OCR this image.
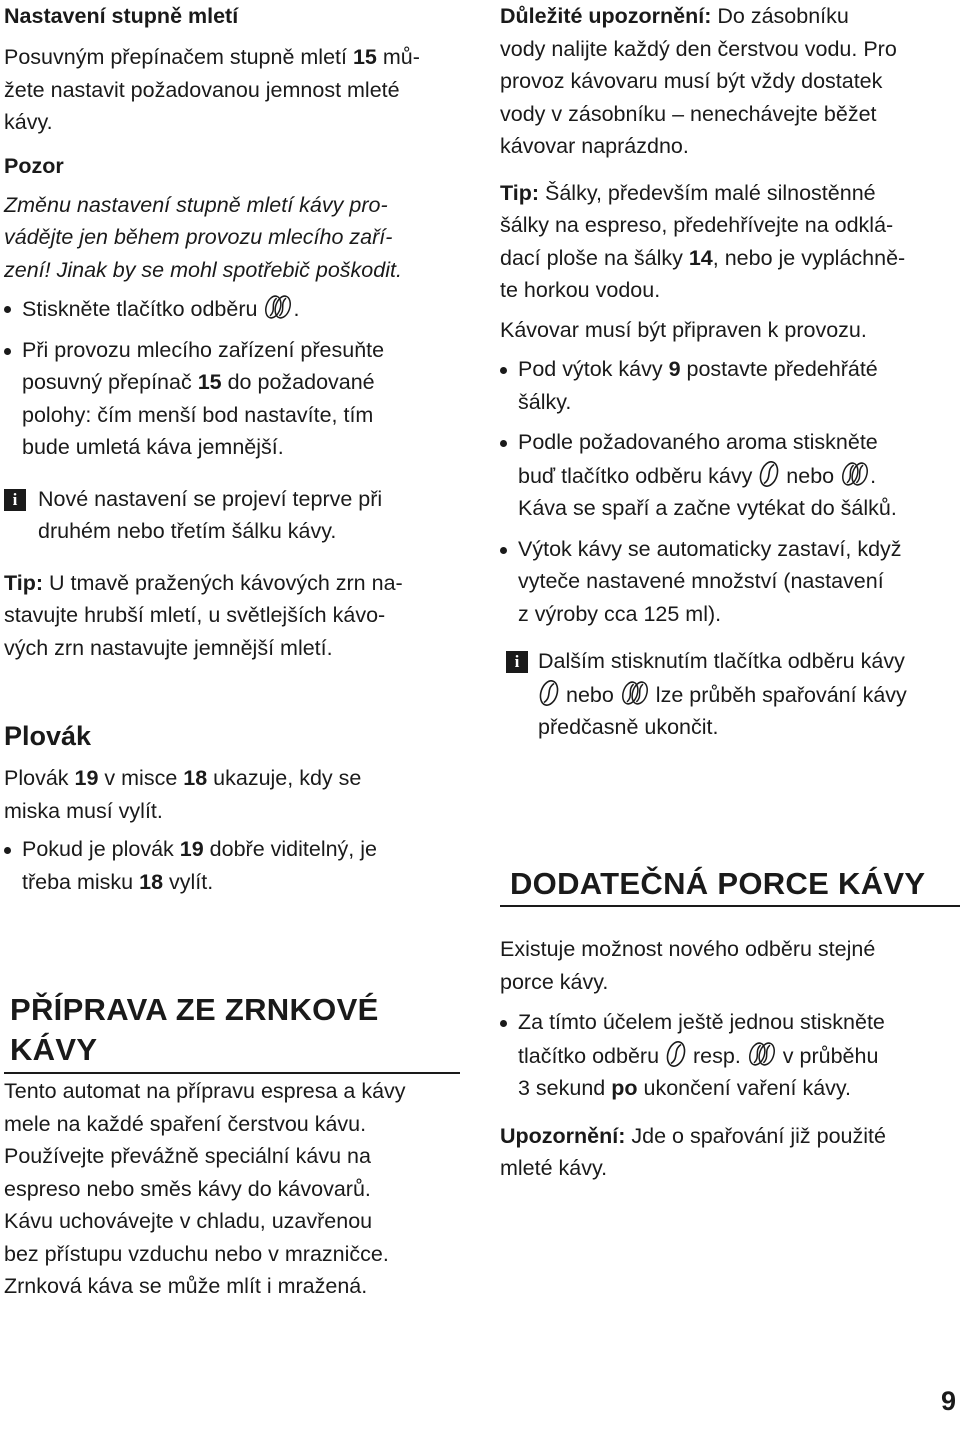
Nastavení stupně mletí

Posuvným přepínačem stupně mletí 15 mů-
žete nastavit požadovanou jemnost mleté
kávy.

Pozor

Změnu nastavení stupně mletí kávy pro-
vádějte jen během provozu mlecího zaří-
zení! Jinak by se mohl spotřebič poškodit.

Stiskněte tlačítko odběru .

Při provozu mlecího zařízení přesuňte
posuvný přepínač 15 do požadované
polohy: čím menší bod nastavíte, tím
bude umletá káva jemnější.

i Nové nastavení se projeví teprve při
druhém nebo třetím šálku kávy.

Tip: U tmavě pražených kávových zrn na-
stavujte hrubší mletí, u světlejších kávo-
vých zrn nastavujte jemnější mletí.

Plovák

Plovák 19 v misce 18 ukazuje, kdy se
miska musí vylít.

Pokud je plovák 19 dobře viditelný, je
třeba misku 18 vylít.

PŘÍPRAVA ZE ZRNKOVÉ

KÁVY

Tento automat na přípravu espresa a kávy
mele na každé spaření čerstvou kávu.
Používejte převážně speciální kávu na
espreso nebo směs kávy do kávovarů.
Kávu uchovávejte v chladu, uzavřenou
bez přístupu vzduchu nebo v mrazničce.
Zrnková káva se může mlít i mražená.

Důležité upozornění: Do zásobníku
vody nalijte každý den čerstvou vodu. Pro
provoz kávovaru musí být vždy dostatek
vody v zásobníku – nenechávejte běžet
kávovar naprázdno.

Tip: Šálky, především malé silnostěnné
šálky na espreso, předehřívejte na odklá-
dací ploše na šálky 14, nebo je vypláchně-
te horkou vodou.

Kávovar musí být připraven k provozu.

Pod výtok kávy 9 postavte předehřáté
šálky.

Podle požadovaného aroma stiskněte
buď tlačítko odběru kávy nebo .
Káva se spaří a začne vytékat do šálků.

Výtok kávy se automaticky zastaví, když
vyteče nastavené množství (nastavení
z výroby cca 125 ml).

i Dalším stisknutím tlačítka odběru kávy
nebo lze průběh spařování kávy
předčasně ukončit.

DODATEČNÁ PORCE KÁVY

Existuje možnost nového odběru stejné
porce kávy.

Za tímto účelem ještě jednou stiskněte
tlačítko odběru resp. v průběhu
3 sekund po ukončení vaření kávy.

Upozornění: Jde o spařování již použité
mleté kávy.

9
